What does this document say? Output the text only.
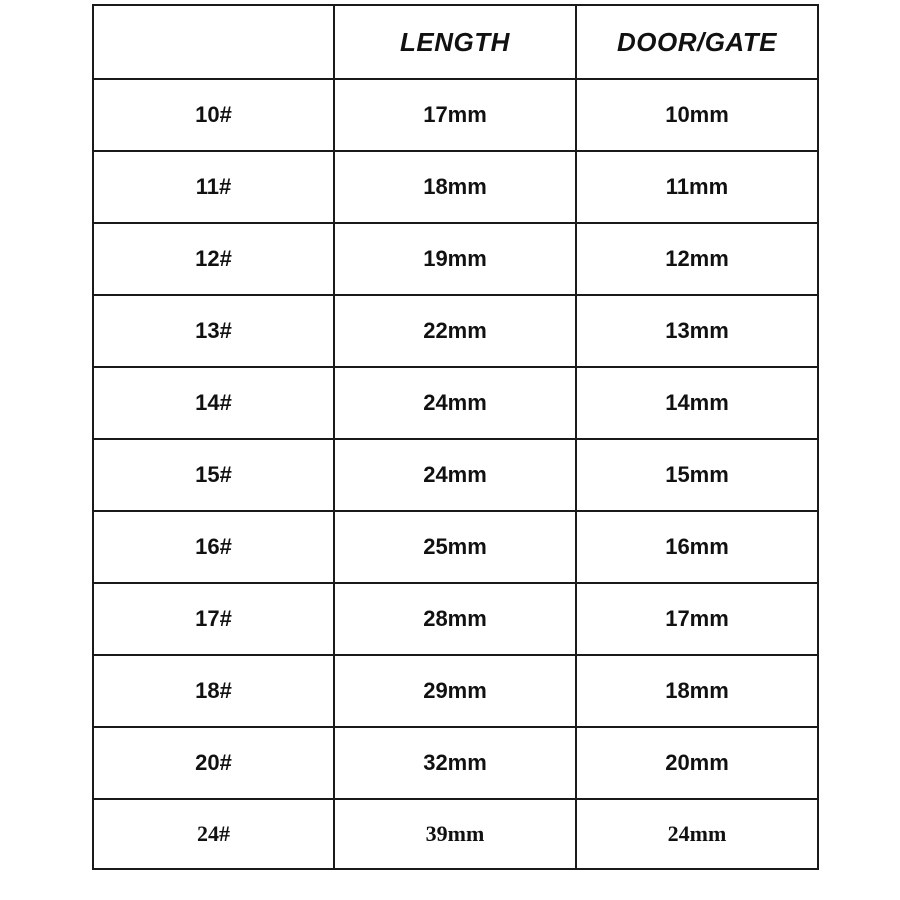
	LENGTH	DOOR/GATE
10#	17mm	10mm
11#	18mm	11mm
12#	19mm	12mm
13#	22mm	13mm
14#	24mm	14mm
15#	24mm	15mm
16#	25mm	16mm
17#	28mm	17mm
18#	29mm	18mm
20#	32mm	20mm
24#	39mm	24mm
